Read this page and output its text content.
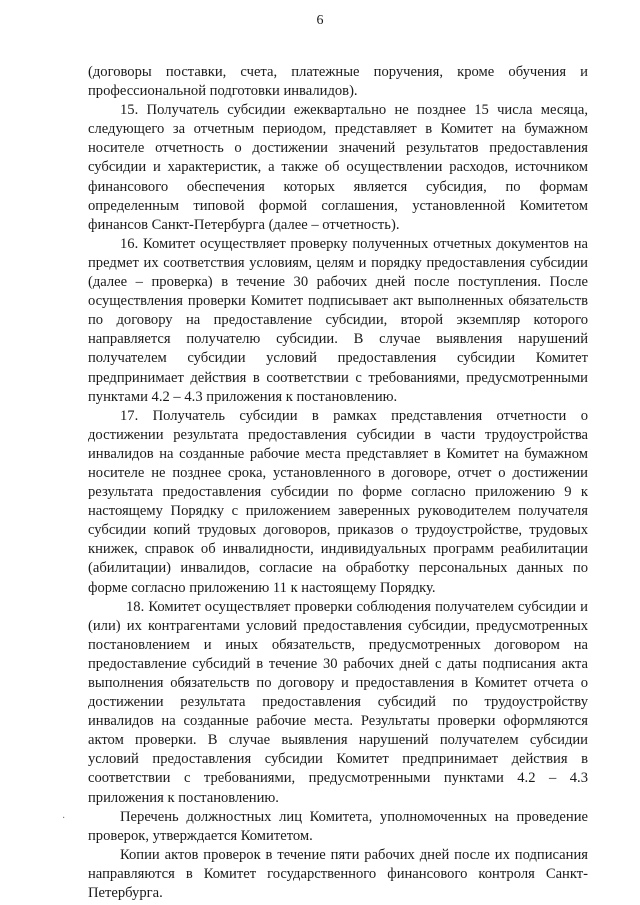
6

(договоры поставки, счета, платежные поручения, кроме обучения и профессиональной подготовки инвалидов).

15. Получатель субсидии ежеквартально не позднее 15 числа месяца, следующего за отчетным периодом, представляет в Комитет на бумажном носителе отчетность о достижении значений результатов предоставления субсидии и характеристик, а также об осуществлении расходов, источником финансового обеспечения которых является субсидия, по формам определенным типовой формой соглашения, установленной Комитетом финансов Санкт-Петербурга (далее – отчетность).

16. Комитет осуществляет проверку полученных отчетных документов на предмет их соответствия условиям, целям и порядку предоставления субсидии (далее – проверка) в течение 30 рабочих дней после поступления. После осуществления проверки Комитет подписывает акт выполненных обязательств по договору на предоставление субсидии, второй экземпляр которого направляется получателю субсидии. В случае выявления нарушений получателем субсидии условий предоставления субсидии Комитет предпринимает действия в соответствии с требованиями, предусмотренными пунктами 4.2 – 4.3 приложения к постановлению.

17. Получатель субсидии в рамках представления отчетности о достижении результата предоставления субсидии в части трудоустройства инвалидов на созданные рабочие места представляет в Комитет на бумажном носителе не позднее срока, установленного в договоре, отчет о достижении результата предоставления субсидии по форме согласно приложению 9 к настоящему Порядку с приложением заверенных руководителем получателя субсидии копий трудовых договоров, приказов о трудоустройстве, трудовых книжек, справок об инвалидности, индивидуальных программ реабилитации (абилитации) инвалидов, согласие на обработку персональных данных по форме согласно приложению 11 к настоящему Порядку.

18. Комитет осуществляет проверки соблюдения получателем субсидии и (или) их контрагентами условий предоставления субсидии, предусмотренных постановлением и иных обязательств, предусмотренных договором на предоставление субсидий в течение 30 рабочих дней с даты подписания акта выполнения обязательств по договору и предоставления в Комитет отчета о достижении результата предоставления субсидий по трудоустройству инвалидов на созданные рабочие места. Результаты проверки оформляются актом проверки. В случае выявления нарушений получателем субсидии условий предоставления субсидии Комитет предпринимает действия в соответствии с требованиями, предусмотренными пунктами 4.2 – 4.3 приложения к постановлению.

Перечень должностных лиц Комитета, уполномоченных на проведение проверок, утверждается Комитетом.

Копии актов проверок в течение пяти рабочих дней после их подписания направляются в Комитет государственного финансового контроля Санкт-Петербурга.

·
